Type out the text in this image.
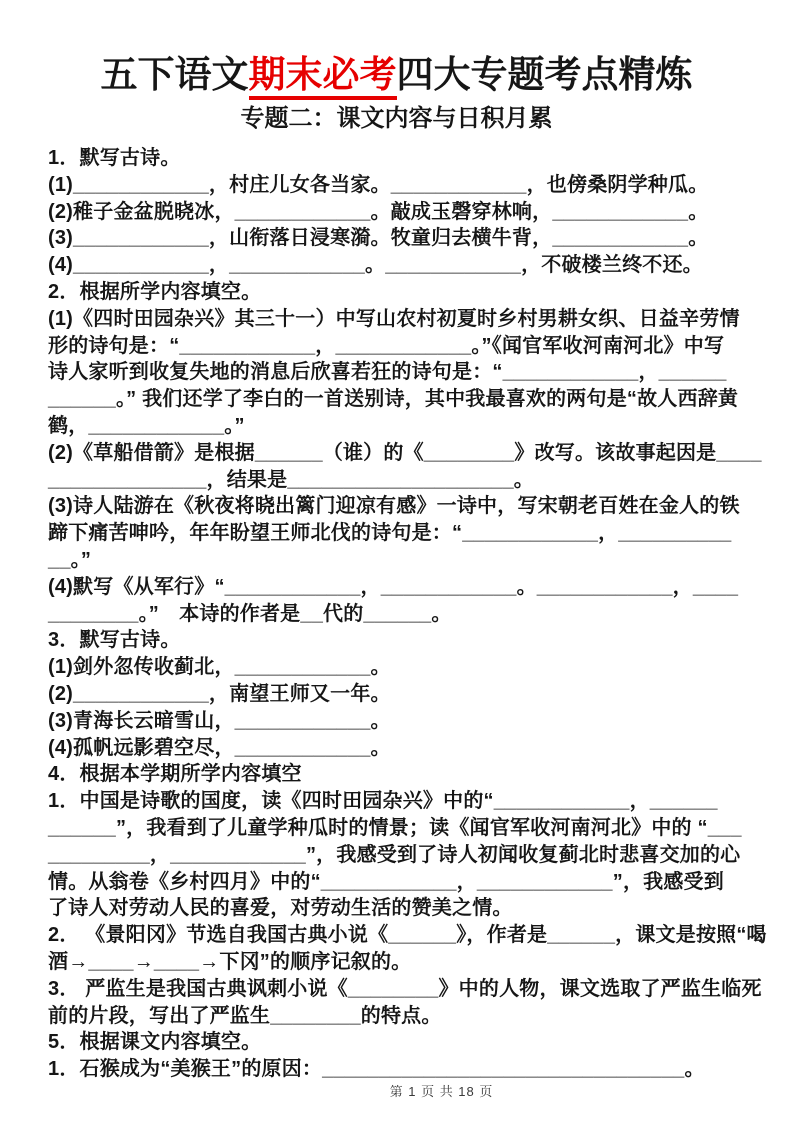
五下语文期末必考四大专题考点精炼
专题二：课文内容与日积月累
1．默写古诗。
(1)____________，村庄儿女各当家。____________，也傍桑阴学种瓜。
(2)稚子金盆脱晓冰，____________。敲成玉磬穿林响，____________。
(3)____________，山衔落日浸寒漪。牧童归去横牛背，____________。
(4)____________，____________。____________，不破楼兰终不还。
2．根据所学内容填空。
(1)《四时田园杂兴》其三十一）中写山农村初夏时乡村男耕女织、日益辛劳情
形的诗句是：“____________，____________。”《闻官军收河南河北》中写
诗人家听到收复失地的消息后欣喜若狂的诗句是：“____________，______
______。” 我们还学了李白的一首送别诗，其中我最喜欢的两句是“故人西辞黄
鹤，____________。”
(2)《草船借箭》是根据______（谁）的《________》改写。该故事起因是____
______________，结果是____________________。
(3)诗人陆游在《秋夜将晓出篱门迎凉有感》一诗中，写宋朝老百姓在金人的铁
蹄下痛苦呻吟，年年盼望王师北伐的诗句是：“____________，__________
__。”
(4)默写《从军行》“____________，____________。____________，____
________。”　本诗的作者是__代的______。
3．默写古诗。
(1)剑外忽传收蓟北，____________。
(2)____________，南望王师又一年。
(3)青海长云暗雪山，____________。
(4)孤帆远影碧空尽，____________。
4．根据本学期所学内容填空
1．中国是诗歌的国度，读《四时田园杂兴》中的“____________，______
______”，我看到了儿童学种瓜时的情景；读《闻官军收河南河北》中的 “___
_________，____________”，我感受到了诗人初闻收复蓟北时悲喜交加的心
情。从翁卷《乡村四月》中的“____________，____________”，我感受到
了诗人对劳动人民的喜爱，对劳动生活的赞美之情。
2． 《景阳冈》节选自我国古典小说《______》，作者是______，课文是按照“喝
酒→____→____→下冈”的顺序记叙的。
3． 严监生是我国古典讽刺小说《________》中的人物，课文选取了严监生临死
前的片段，写出了严监生________的特点。
5．根据课文内容填空。
1．石猴成为“美猴王”的原因：________________________________。
第 1 页 共 18 页
